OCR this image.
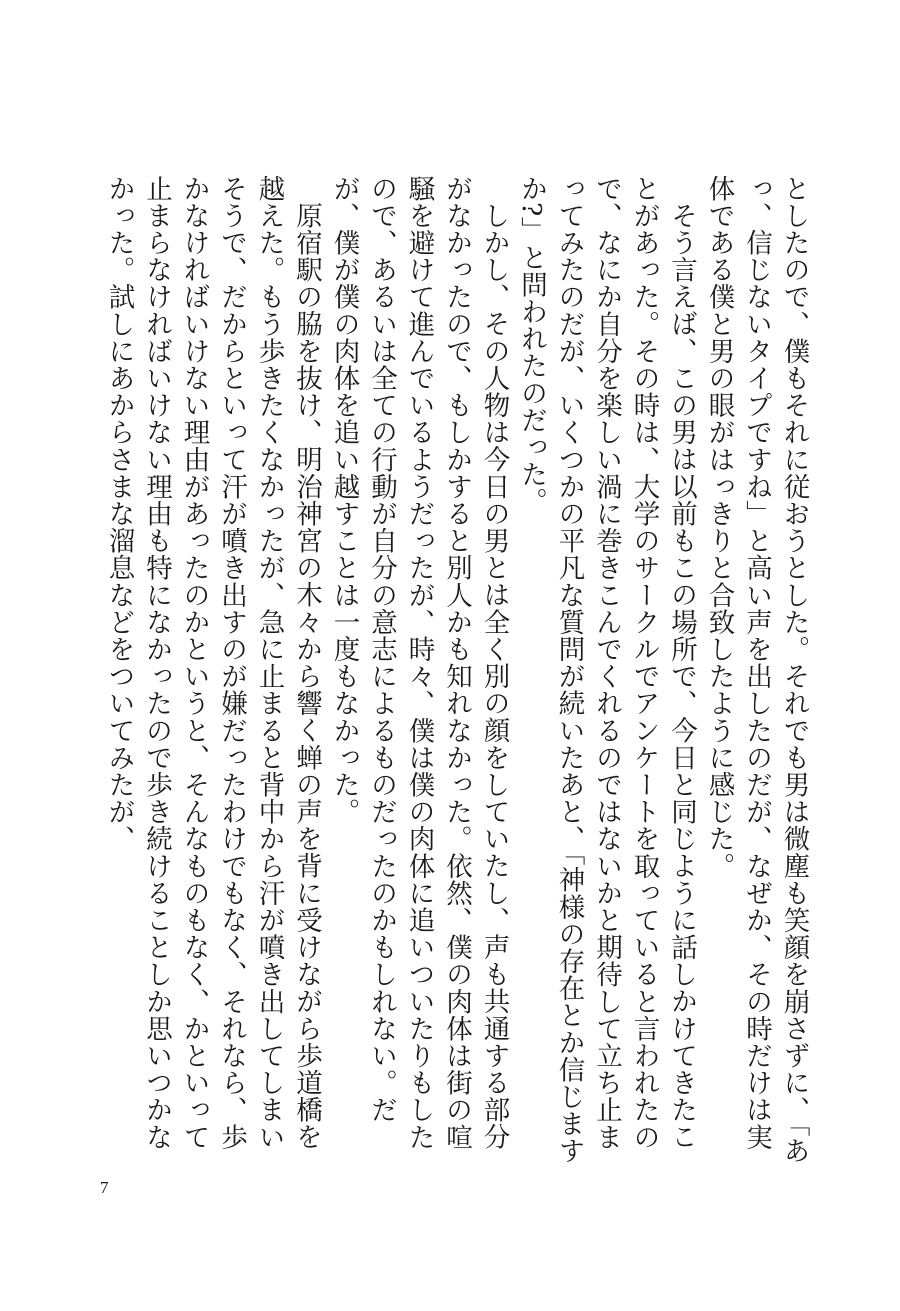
としたので、僕もそれに従おうとした。それでも男は微塵も笑顔を崩さずに、「あっ、信じないタイプですね」と高い声を出したのだが、なぜか、その時だけは実体である僕と男の眼がはっきりと合致したように感じた。

そう言えば、この男は以前もこの場所で、今日と同じように話しかけてきたことがあった。その時は、大学のサークルでアンケートを取っていると言われたので、なにか自分を楽しい渦に巻きこんでくれるのではないかと期待して立ち止まってみたのだが、いくつかの平凡な質問が続いたあと、「神様の存在とか信じますか?」と問われたのだった。

しかし、その人物は今日の男とは全く別の顔をしていたし、声も共通する部分がなかったので、もしかすると別人かも知れなかった。依然、僕の肉体は街の喧騒を避けて進んでいるようだったが、時々、僕は僕の肉体に追いついたりもしたので、あるいは全ての行動が自分の意志によるものだったのかもしれない。だが、僕が僕の肉体を追い越すことは一度もなかった。

原宿駅の脇を抜け、明治神宮の木々から響く蝉の声を背に受けながら歩道橋を越えた。もう歩きたくなかったが、急に止まると背中から汗が噴き出してしまいそうで、だからといって汗が噴き出すのが嫌だったわけでもなく、それなら、歩かなければいけない理由があったのかというと、そんなものもなく、かといって止まらなければいけない理由も特になかったので歩き続けることしか思いつかなかった。試しにあからさまな溜息などをついてみたが、

7
